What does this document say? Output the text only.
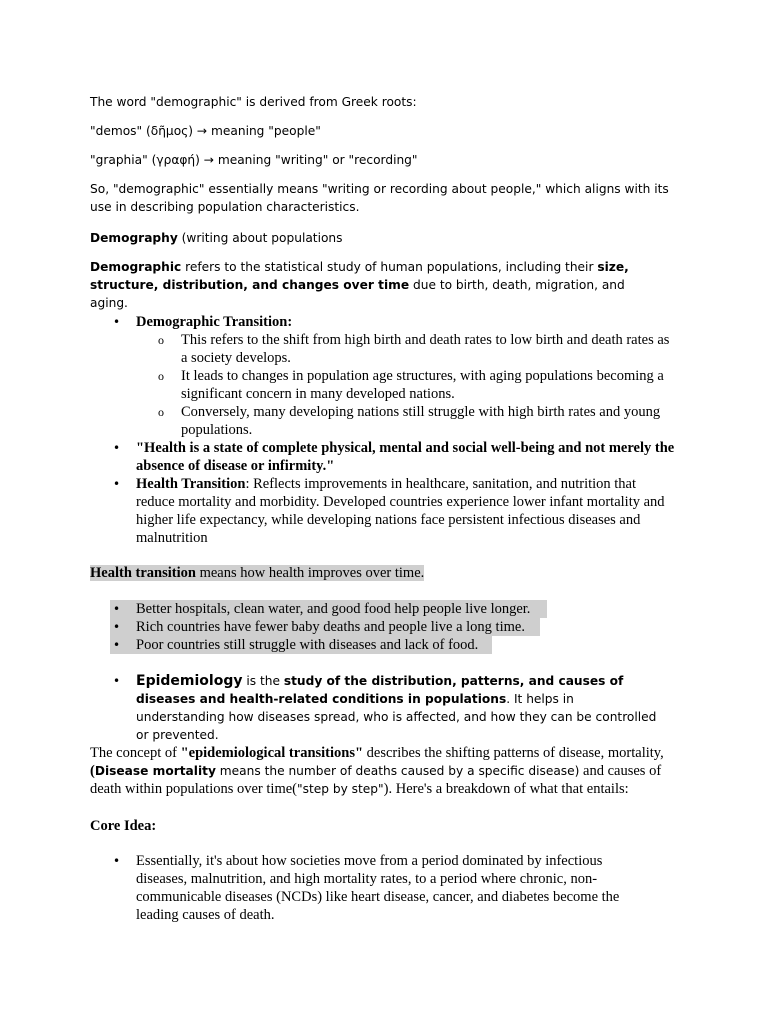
The word "demographic" is derived from Greek roots:

"demos" (δῆμος) → meaning "people"

"graphia" (γραφή) → meaning "writing" or "recording"

So, "demographic" essentially means "writing or recording about people," which aligns with its use in describing population characteristics.

Demography (writing about populations

Demographic refers to the statistical study of human populations, including their size, structure, distribution, and changes over time due to birth, death, migration, and aging.

• Demographic Transition:
o This refers to the shift from high birth and death rates to low birth and death rates as a society develops.
o It leads to changes in population age structures, with aging populations becoming a significant concern in many developed nations.
o Conversely, many developing nations still struggle with high birth rates and young populations.
• "Health is a state of complete physical, mental and social well-being and not merely the absence of disease or infirmity."
• Health Transition: Reflects improvements in healthcare, sanitation, and nutrition that reduce mortality and morbidity. Developed countries experience lower infant mortality and higher life expectancy, while developing nations face persistent infectious diseases and malnutrition

Health transition means how health improves over time.

• Better hospitals, clean water, and good food help people live longer.
• Rich countries have fewer baby deaths and people live a long time.
• Poor countries still struggle with diseases and lack of food.
• Epidemiology is the study of the distribution, patterns, and causes of diseases and health-related conditions in populations. It helps in understanding how diseases spread, who is affected, and how they can be controlled or prevented.

The concept of "epidemiological transitions" describes the shifting patterns of disease, mortality, (Disease mortality means the number of deaths caused by a specific disease) and causes of death within populations over time("step by step"). Here's a breakdown of what that entails:

Core Idea:

• Essentially, it's about how societies move from a period dominated by infectious diseases, malnutrition, and high mortality rates, to a period where chronic, non-communicable diseases (NCDs) like heart disease, cancer, and diabetes become the leading causes of death.
